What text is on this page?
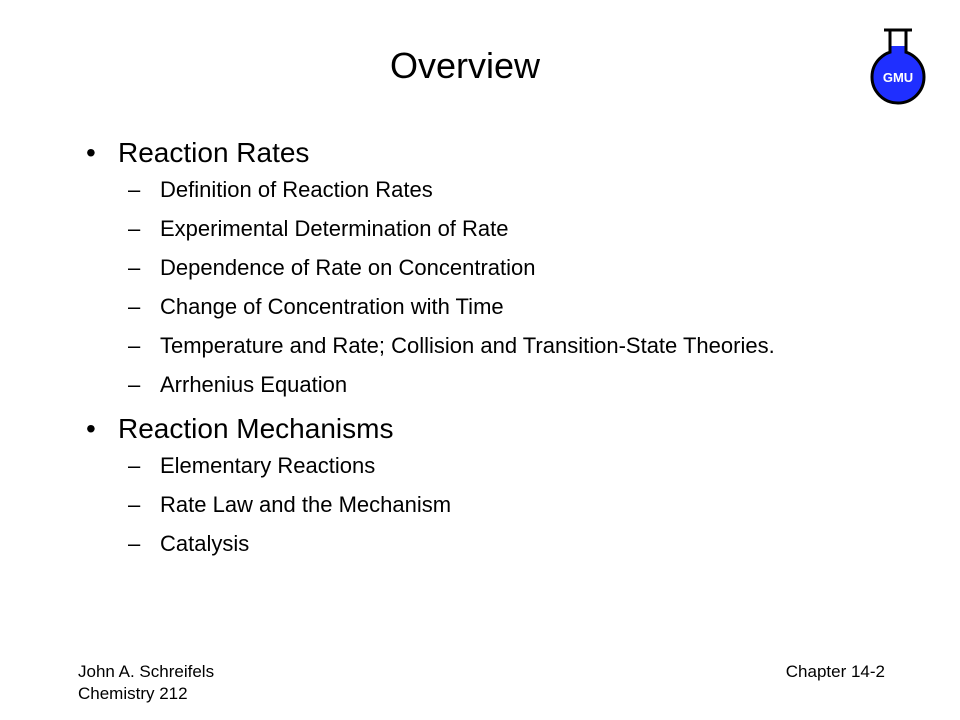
Overview	GMU
• Reaction Rates
– Definition of Reaction Rates
– Experimental Determination of Rate
– Dependence of Rate on Concentration
– Change of Concentration with Time
– Temperature and Rate; Collision and Transition-State Theories.
– Arrhenius Equation
• Reaction Mechanisms
– Elementary Reactions
– Rate Law and the Mechanism
– Catalysis
John A. Schreifels
Chemistry 212
Chapter 14-2
